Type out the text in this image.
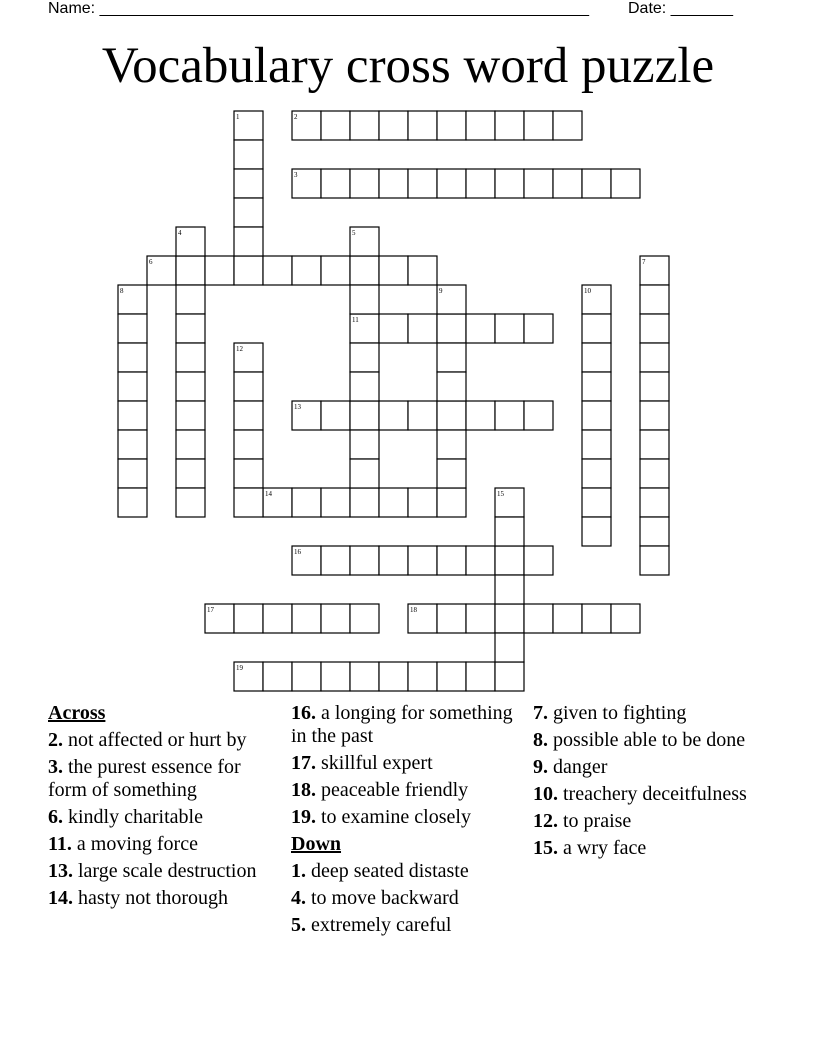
Name: _______________________________________________________ Date: _______
Vocabulary cross word puzzle
2
3
6
11
13
14
16
17	18
19
1
4	5
7
8	9	10
12
15
Across
2. not affected or hurt by
3. the purest essence for form of something
6. kindly charitable
11. a moving force
13. large scale destruction
14. hasty not thorough
16. a longing for something in the past
17. skillful expert
18. peaceable friendly
19. to examine closely
Down
1. deep seated distaste
4. to move backward
5. extremely careful
7. given to fighting
8. possible able to be done
9. danger
10. treachery deceitfulness
12. to praise
15. a wry face
